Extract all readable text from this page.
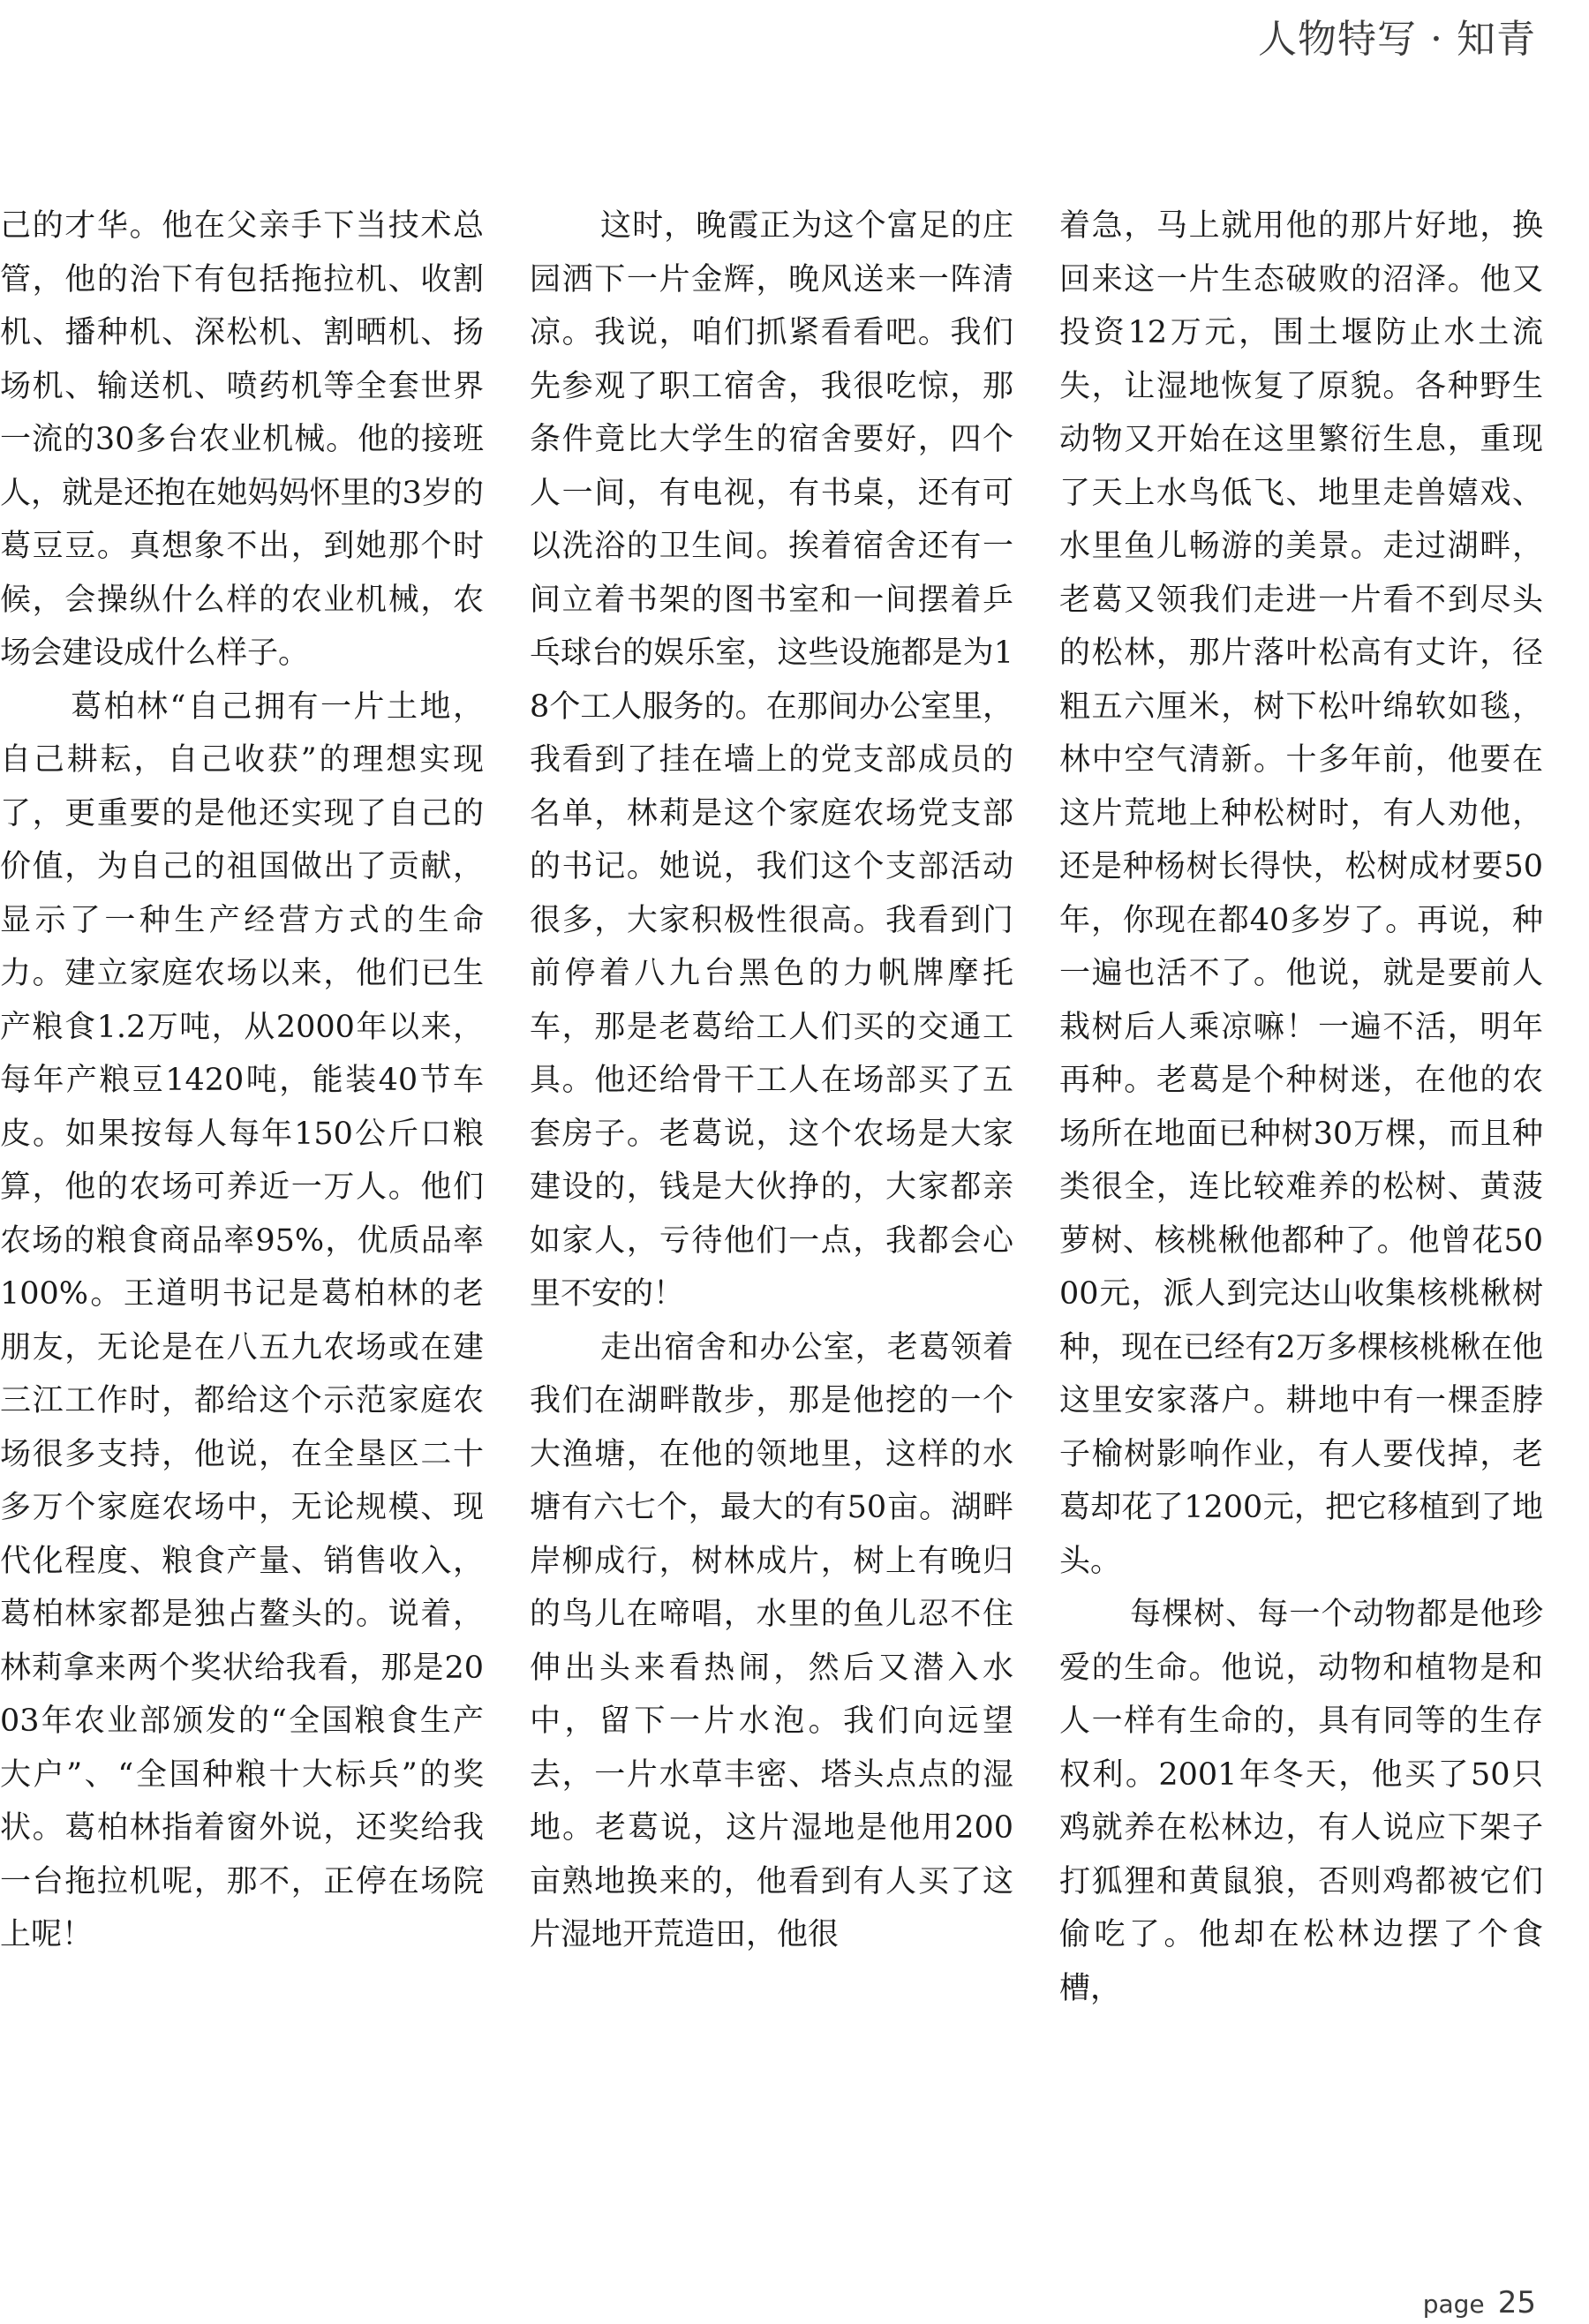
人物特写 · 知青

己的才华。他在父亲手下当技术总管，他的治下有包括拖拉机、收割机、播种机、深松机、割晒机、扬场机、输送机、喷药机等全套世界一流的30多台农业机械。他的接班人，就是还抱在她妈妈怀里的3岁的葛豆豆。真想象不出，到她那个时候，会操纵什么样的农业机械，农场会建设成什么样子。

葛柏林“自己拥有一片土地，自己耕耘，自己收获”的理想实现了，更重要的是他还实现了自己的价值，为自己的祖国做出了贡献，显示了一种生产经营方式的生命力。建立家庭农场以来，他们已生产粮食1.2万吨，从2000年以来，每年产粮豆1420吨，能装40节车皮。如果按每人每年150公斤口粮算，他的农场可养近一万人。他们农场的粮食商品率95%，优质品率100%。王道明书记是葛柏林的老朋友，无论是在八五九农场或在建三江工作时，都给这个示范家庭农场很多支持，他说，在全垦区二十多万个家庭农场中，无论规模、现代化程度、粮食产量、销售收入，葛柏林家都是独占鳌头的。说着，林莉拿来两个奖状给我看，那是2003年农业部颁发的“全国粮食生产大户”、“全国种粮十大标兵”的奖状。葛柏林指着窗外说，还奖给我一台拖拉机呢，那不，正停在场院上呢！

这时，晚霞正为这个富足的庄园洒下一片金辉，晚风送来一阵清凉。我说，咱们抓紧看看吧。我们先参观了职工宿舍，我很吃惊，那条件竟比大学生的宿舍要好，四个人一间，有电视，有书桌，还有可以洗浴的卫生间。挨着宿舍还有一间立着书架的图书室和一间摆着乒乓球台的娱乐室，这些设施都是为18个工人服务的。在那间办公室里，我看到了挂在墙上的党支部成员的名单，林莉是这个家庭农场党支部的书记。她说，我们这个支部活动很多，大家积极性很高。我看到门前停着八九台黑色的力帆牌摩托车，那是老葛给工人们买的交通工具。他还给骨干工人在场部买了五套房子。老葛说，这个农场是大家建设的，钱是大伙挣的，大家都亲如家人，亏待他们一点，我都会心里不安的！

走出宿舍和办公室，老葛领着我们在湖畔散步，那是他挖的一个大渔塘，在他的领地里，这样的水塘有六七个，最大的有50亩。湖畔岸柳成行，树林成片，树上有晚归的鸟儿在啼唱，水里的鱼儿忍不住伸出头来看热闹，然后又潜入水中，留下一片水泡。我们向远望去，一片水草丰密、塔头点点的湿地。老葛说，这片湿地是他用200亩熟地换来的，他看到有人买了这片湿地开荒造田，他很

着急，马上就用他的那片好地，换回来这一片生态破败的沼泽。他又投资12万元，围土堰防止水土流失，让湿地恢复了原貌。各种野生动物又开始在这里繁衍生息，重现了天上水鸟低飞、地里走兽嬉戏、水里鱼儿畅游的美景。走过湖畔，老葛又领我们走进一片看不到尽头的松林，那片落叶松高有丈许，径粗五六厘米，树下松叶绵软如毯，林中空气清新。十多年前，他要在这片荒地上种松树时，有人劝他，还是种杨树长得快，松树成材要50年，你现在都40多岁了。再说，种一遍也活不了。他说，就是要前人栽树后人乘凉嘛！一遍不活，明年再种。老葛是个种树迷，在他的农场所在地面已种树30万棵，而且种类很全，连比较难养的松树、黄菠萝树、核桃楸他都种了。他曾花5000元，派人到完达山收集核桃楸树种，现在已经有2万多棵核桃楸在他这里安家落户。耕地中有一棵歪脖子榆树影响作业，有人要伐掉，老葛却花了1200元，把它移植到了地头。

每棵树、每一个动物都是他珍爱的生命。他说，动物和植物是和人一样有生命的，具有同等的生存权利。2001年冬天，他买了50只鸡就养在松林边，有人说应下架子打狐狸和黄鼠狼，否则鸡都被它们偷吃了。他却在松林边摆了个食槽，

page 25
